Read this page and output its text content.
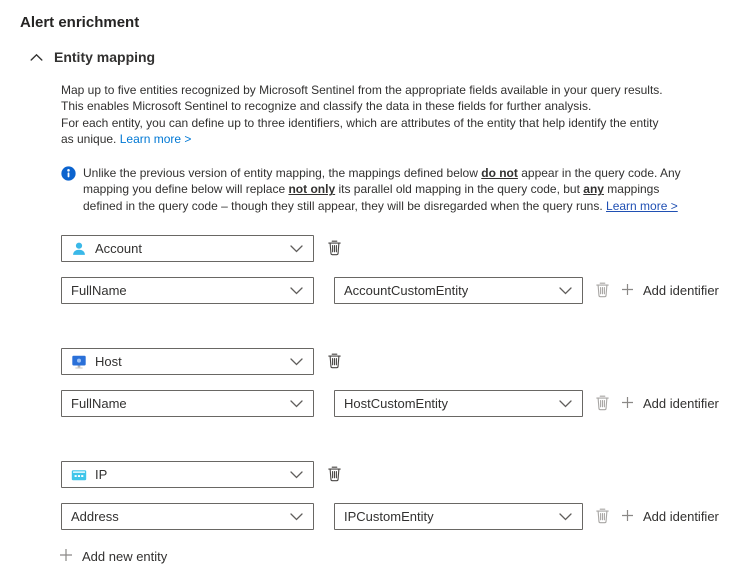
Alert enrichment
Entity mapping
Map up to five entities recognized by Microsoft Sentinel from the appropriate fields available in your query results.
This enables Microsoft Sentinel to recognize and classify the data in these fields for further analysis.
For each entity, you can define up to three identifiers, which are attributes of the entity that help identify the entity
as unique. Learn more >
Unlike the previous version of entity mapping, the mappings defined below do not appear in the query code. Any
mapping you define below will replace not only its parallel old mapping in the query code, but any mappings
defined in the query code – though they still appear, they will be disregarded when the query runs. Learn more >
Account
FullName	AccountCustomEntity	Add identifier
Host
FullName	HostCustomEntity	Add identifier
IP
Address	IPCustomEntity	Add identifier
Add new entity
